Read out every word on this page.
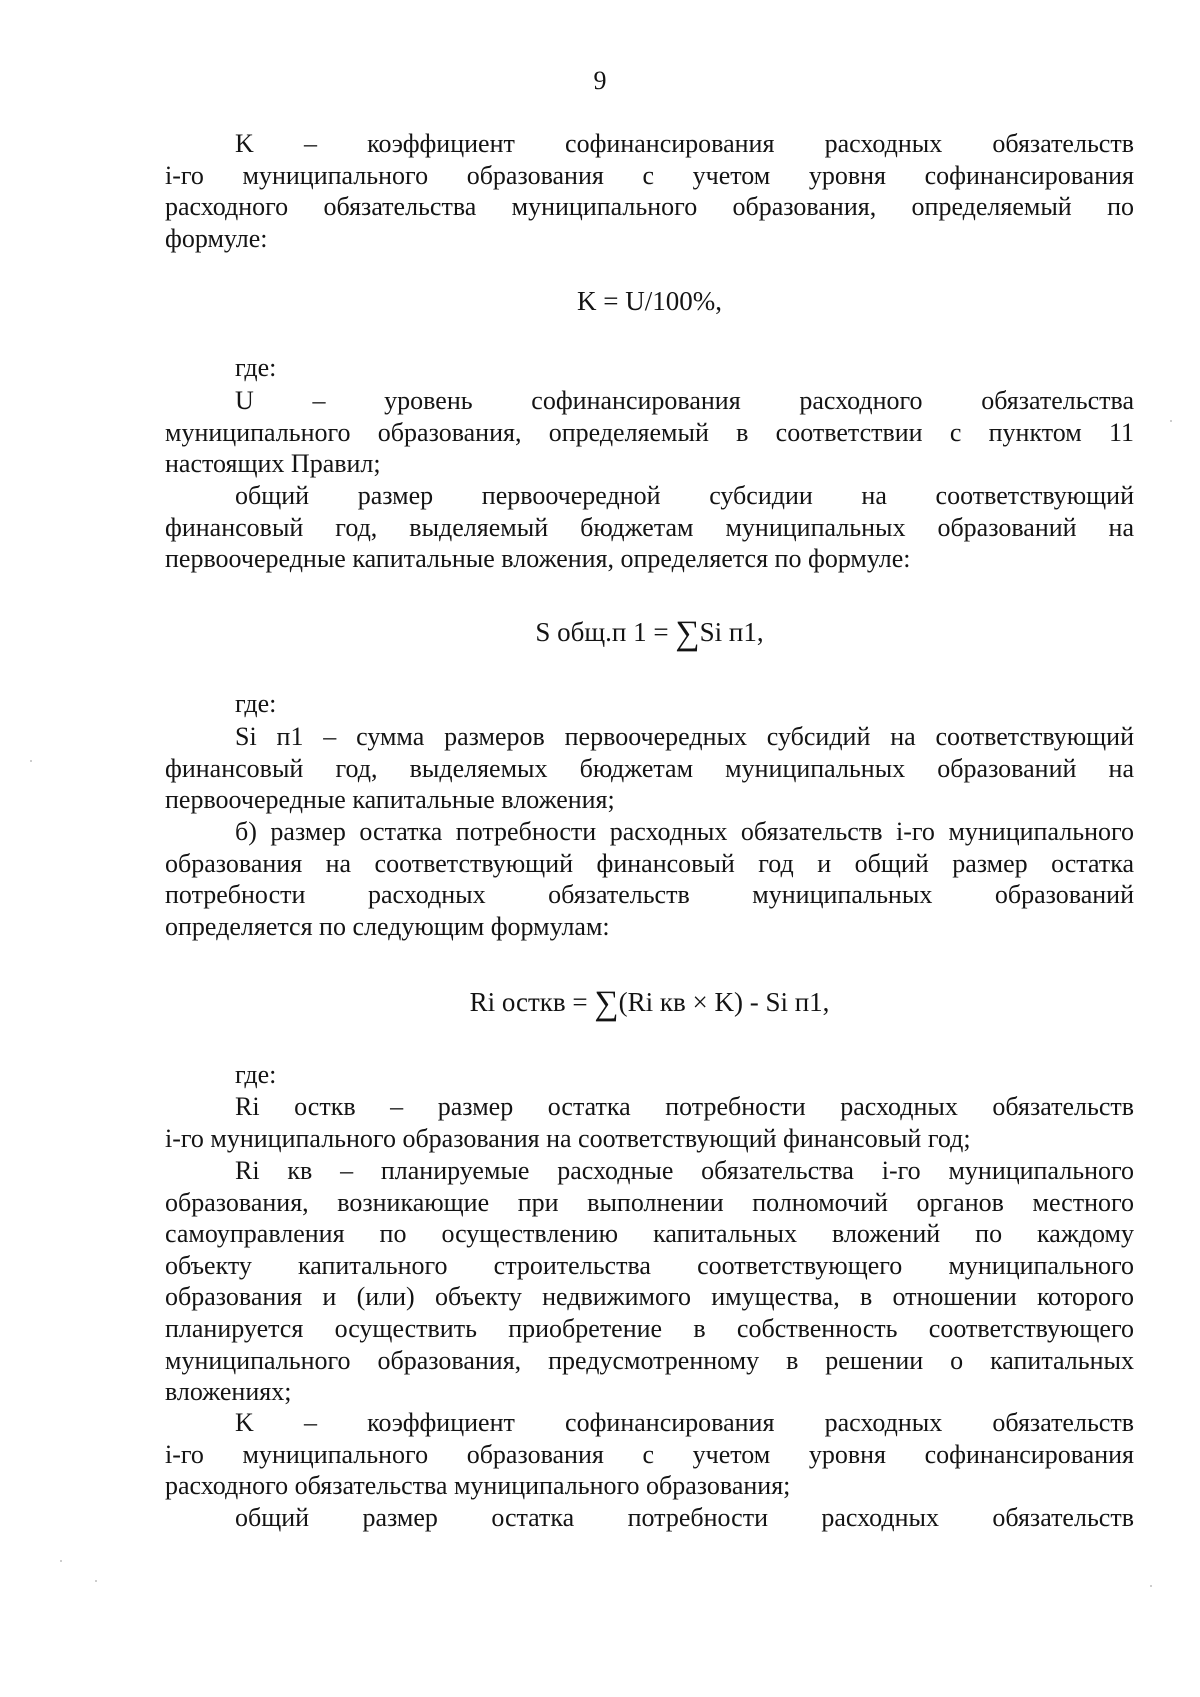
9
K – коэффициент софинансирования расходных обязательств
i-го муниципального образования с учетом уровня софинансирования
расходного обязательства муниципального образования, определяемый по
формуле:
K = U/100%,
где:
U – уровень софинансирования расходного обязательства
муниципального образования, определяемый в соответствии с пунктом 11
настоящих Правил;
общий размер первоочередной субсидии на соответствующий
финансовый год, выделяемый бюджетам муниципальных образований на
первоочередные капитальные вложения, определяется по формуле:
S общ.п 1 = ∑Si п1,
где:
Si п1 – сумма размеров первоочередных субсидий на соответствующий
финансовый год, выделяемых бюджетам муниципальных образований на
первоочередные капитальные вложения;
б) размер остатка потребности расходных обязательств i-го муниципального
образования на соответствующий финансовый год и общий размер остатка
потребности расходных обязательств муниципальных образований
определяется по следующим формулам:
Ri осткв = ∑(Ri кв × K) - Si п1,
где:
Ri осткв – размер остатка потребности расходных обязательств
i-го муниципального образования на соответствующий финансовый год;
Ri кв – планируемые расходные обязательства i-го муниципального
образования, возникающие при выполнении полномочий органов местного
самоуправления по осуществлению капитальных вложений по каждому
объекту капитального строительства соответствующего муниципального
образования и (или) объекту недвижимого имущества, в отношении которого
планируется осуществить приобретение в собственность соответствующего
муниципального образования, предусмотренному в решении о капитальных
вложениях;
K – коэффициент софинансирования расходных обязательств
i-го муниципального образования с учетом уровня софинансирования
расходного обязательства муниципального образования;
общий размер остатка потребности расходных обязательств
